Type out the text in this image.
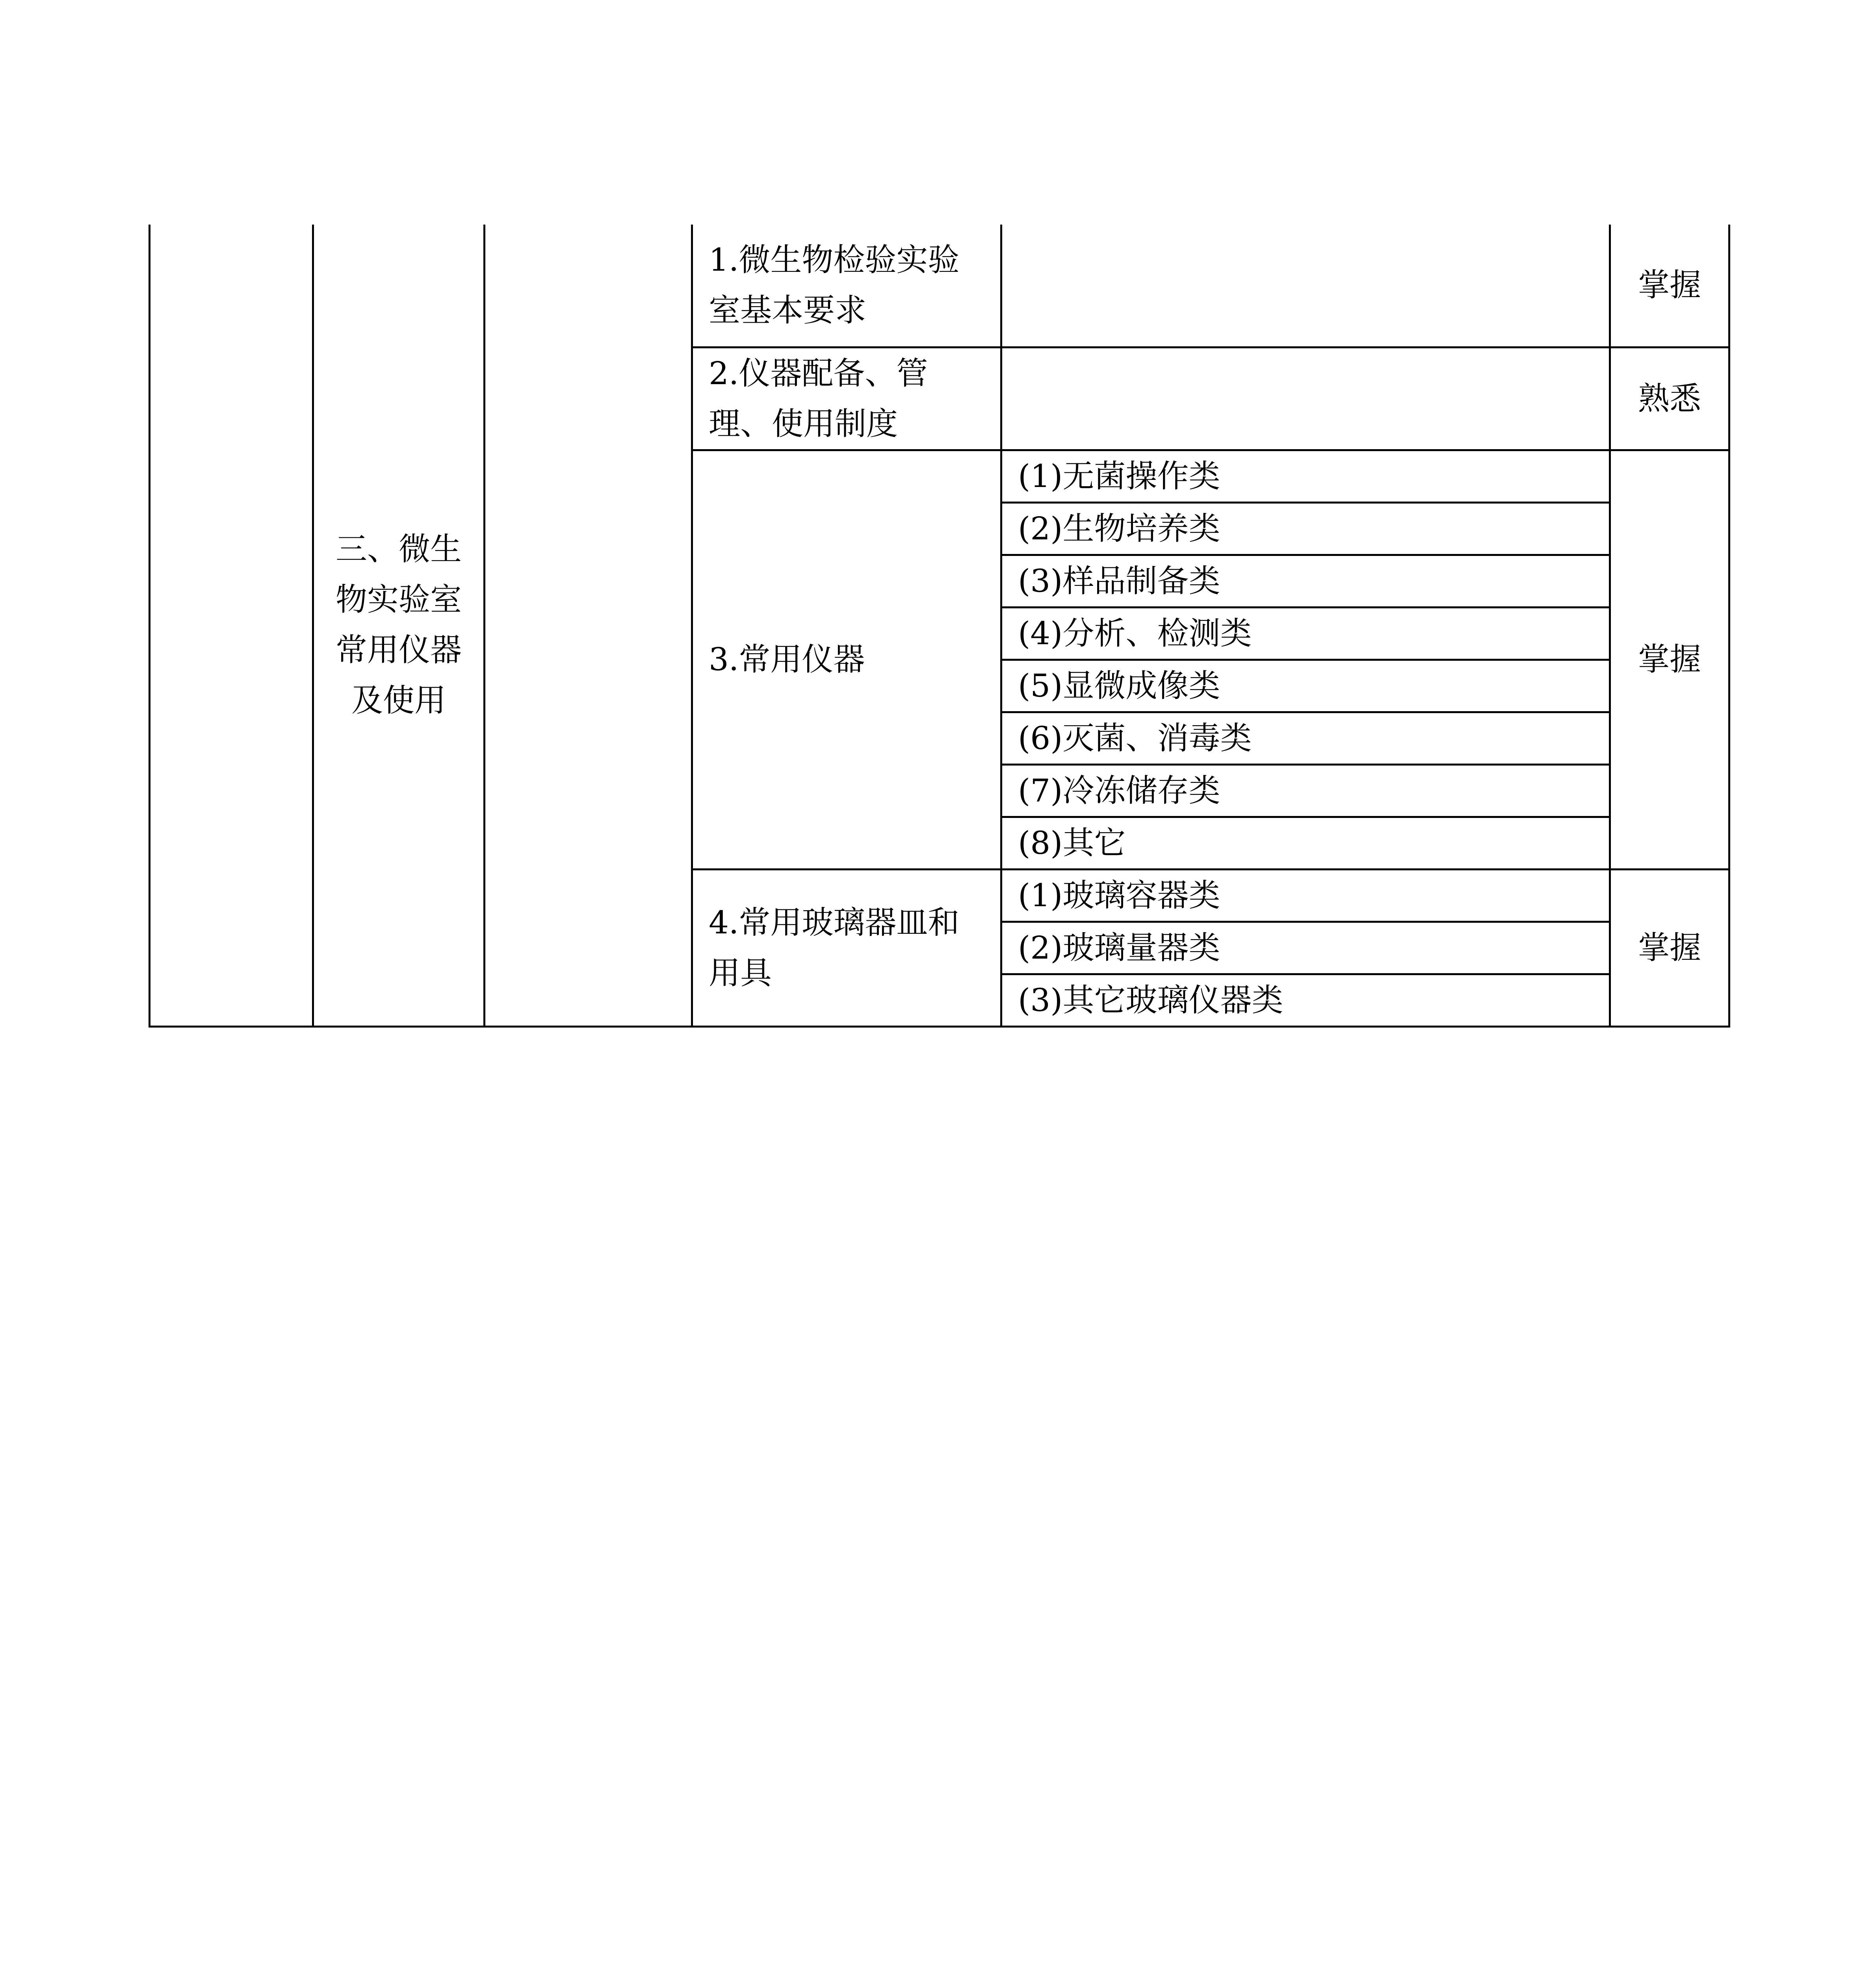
	三、微生物实验室常用仪器及使用		1.微生物检验实验室基本要求		掌握
			2.仪器配备、管理、使用制度		熟悉
			3.常用仪器	(1)无菌操作类	掌握
				(2)生物培养类	
				(3)样品制备类	
				(4)分析、检测类	
				(5)显微成像类	
				(6)灭菌、消毒类	
				(7)冷冻储存类	
				(8)其它	
			4.常用玻璃器皿和用具	(1)玻璃容器类	掌握
				(2)玻璃量器类	
				(3)其它玻璃仪器类	
